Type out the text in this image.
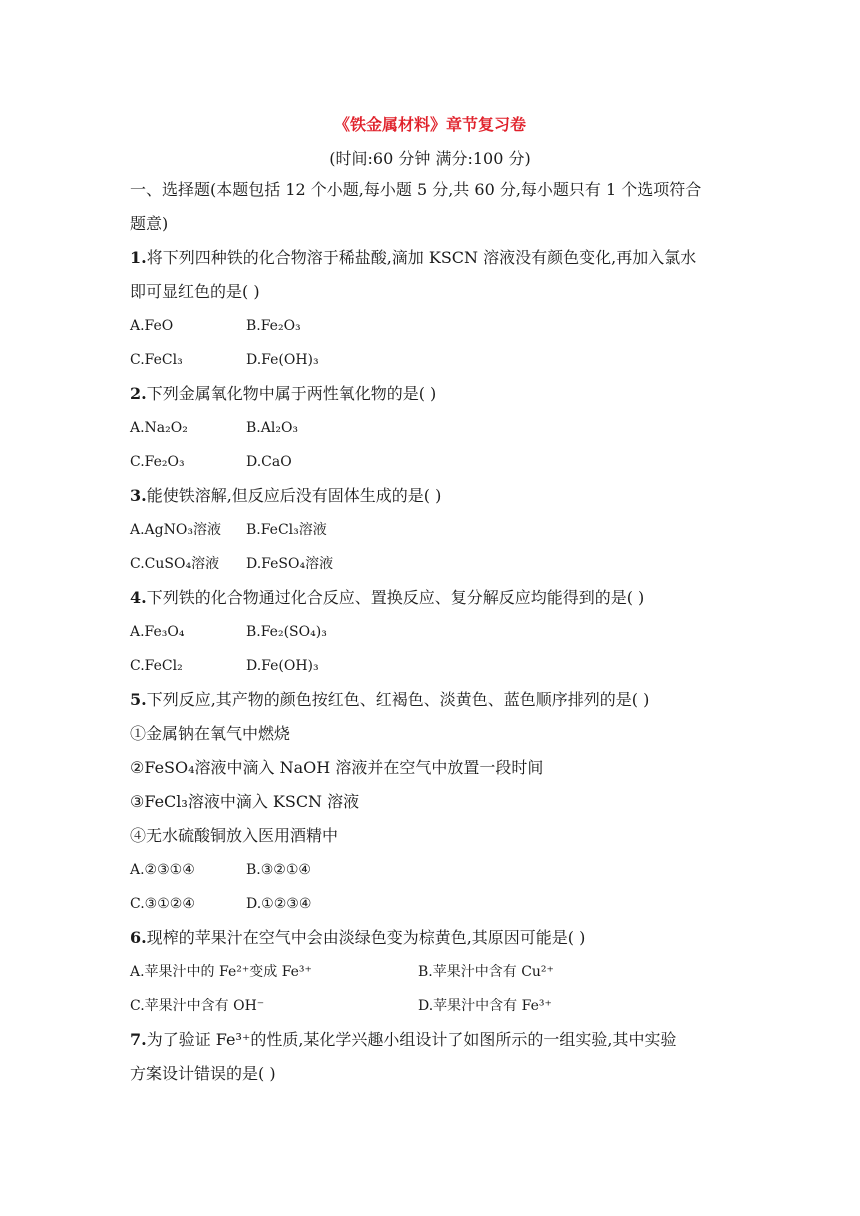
《铁金属材料》章节复习卷
(时间:60 分钟 满分:100 分)
一、选择题(本题包括 12 个小题,每小题 5 分,共 60 分,每小题只有 1 个选项符合
题意)
1.将下列四种铁的化合物溶于稀盐酸,滴加 KSCN 溶液没有颜色变化,再加入氯水
即可显红色的是( )
A.FeO	B.Fe₂O₃
C.FeCl₃	D.Fe(OH)₃
2.下列金属氧化物中属于两性氧化物的是( )
A.Na₂O₂	B.Al₂O₃
C.Fe₂O₃	D.CaO
3.能使铁溶解,但反应后没有固体生成的是( )
A.AgNO₃溶液 B.FeCl₃溶液
C.CuSO₄溶液 D.FeSO₄溶液
4.下列铁的化合物通过化合反应、置换反应、复分解反应均能得到的是( )
A.Fe₃O₄	B.Fe₂(SO₄)₃
C.FeCl₂	D.Fe(OH)₃
5.下列反应,其产物的颜色按红色、红褐色、淡黄色、蓝色顺序排列的是( )
①金属钠在氧气中燃烧
②FeSO₄溶液中滴入 NaOH 溶液并在空气中放置一段时间
③FeCl₃溶液中滴入 KSCN 溶液
④无水硫酸铜放入医用酒精中
A.②③①④	B.③②①④
C.③①②④	D.①②③④
6.现榨的苹果汁在空气中会由淡绿色变为棕黄色,其原因可能是( )
A.苹果汁中的 Fe²⁺变成 Fe³⁺	B.苹果汁中含有 Cu²⁺
C.苹果汁中含有 OH⁻	D.苹果汁中含有 Fe³⁺
7.为了验证 Fe³⁺的性质,某化学兴趣小组设计了如图所示的一组实验,其中实验
方案设计错误的是( )
